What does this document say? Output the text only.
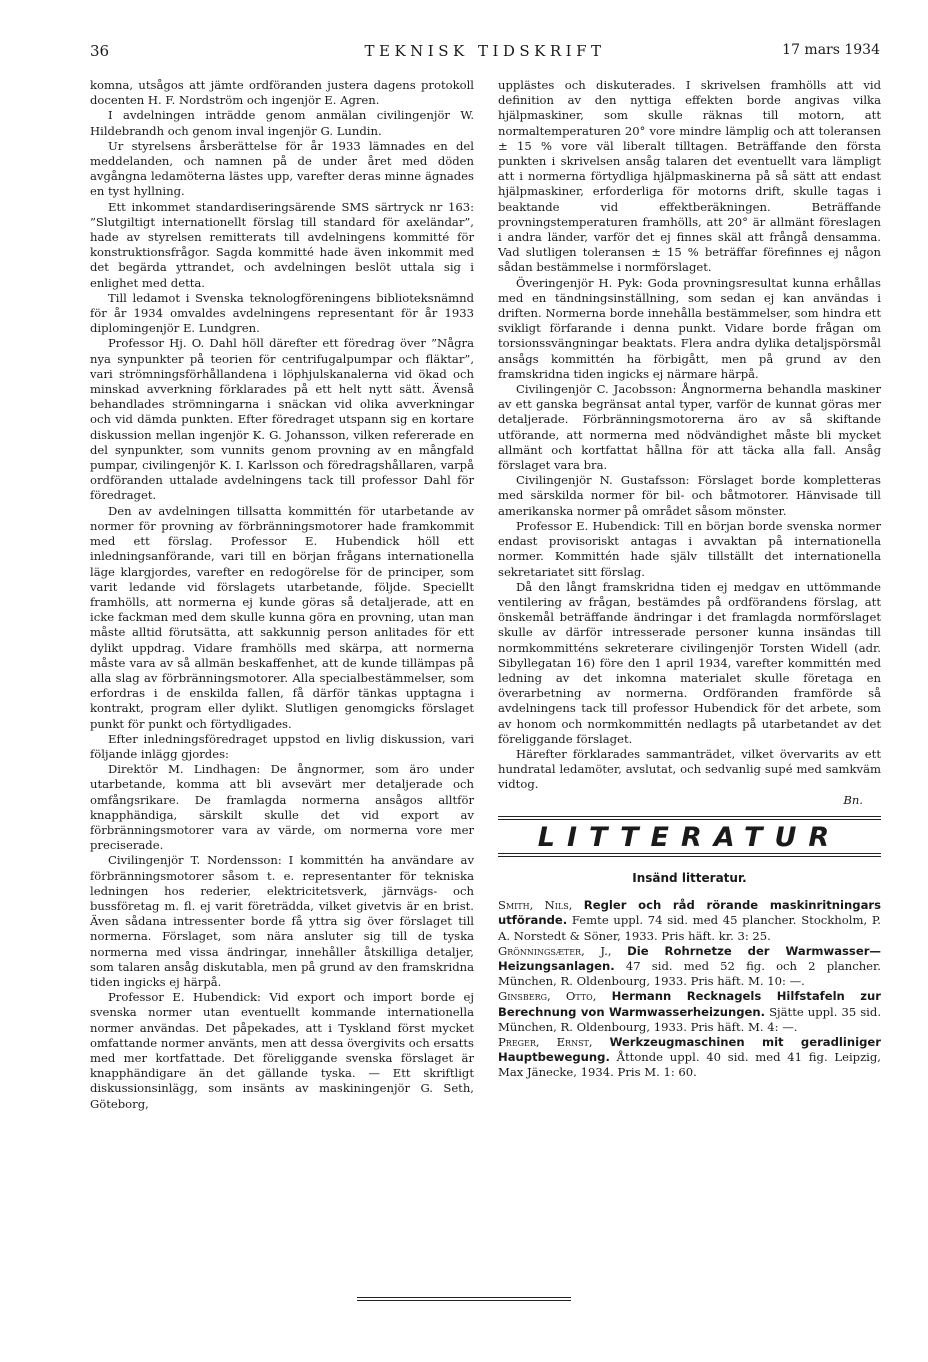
36	TEKNISK TIDSKRIFT	17 mars 1934

komna, utsågos att jämte ordföranden justera dagens protokoll docenten H. F. Nordström och ingenjör E. Agren.

I avdelningen inträdde genom anmälan civilingenjör W. Hildebrandh och genom inval ingenjör G. Lundin.

Ur styrelsens årsberättelse för år 1933 lämnades en del meddelanden, och namnen på de under året med döden avgångna ledamöterna lästes upp, varefter deras minne ägnades en tyst hyllning.

Ett inkommet standardiseringsärende SMS särtryck nr 163: ”Slutgiltigt internationellt förslag till standard för axeländar”, hade av styrelsen remitterats till avdelningens kommitté för konstruktionsfrågor. Sagda kommitté hade även inkommit med det begärda yttrandet, och avdelningen beslöt uttala sig i enlighet med detta.

Till ledamot i Svenska teknologföreningens biblioteksnämnd för år 1934 omvaldes avdelningens representant för år 1933 diplomingenjör E. Lundgren.

Professor Hj. O. Dahl höll därefter ett föredrag över ”Några nya synpunkter på teorien för centrifugalpumpar och fläktar”, vari strömningsförhållandena i löphjulskanalerna vid ökad och minskad avverkning förklarades på ett helt nytt sätt. Ävenså behandlades strömningarna i snäckan vid olika avverkningar och vid dämda punkten. Efter föredraget utspann sig en kortare diskussion mellan ingenjör K. G. Johansson, vilken refererade en del synpunkter, som vunnits genom provning av en mångfald pumpar, civilingenjör K. I. Karlsson och föredragshållaren, varpå ordföranden uttalade avdelningens tack till professor Dahl för föredraget.

Den av avdelningen tillsatta kommittén för utarbetande av normer för provning av förbränningsmotorer hade framkommit med ett förslag. Professor E. Hubendick höll ett inledningsanförande, vari till en början frågans internationella läge klargjordes, varefter en redogörelse för de principer, som varit ledande vid förslagets utarbetande, följde. Speciellt framhölls, att normerna ej kunde göras så detaljerade, att en icke fackman med dem skulle kunna göra en provning, utan man måste alltid förutsätta, att sakkunnig person anlitades för ett dylikt uppdrag. Vidare framhölls med skärpa, att normerna måste vara av så allmän beskaffenhet, att de kunde tillämpas på alla slag av förbränningsmotorer. Alla specialbestämmelser, som erfordras i de enskilda fallen, få därför tänkas upptagna i kontrakt, program eller dylikt. Slutligen genomgicks förslaget punkt för punkt och förtydligades.

Efter inledningsföredraget uppstod en livlig diskussion, vari följande inlägg gjordes:

Direktör M. Lindhagen: De ångnormer, som äro under utarbetande, komma att bli avsevärt mer detaljerade och omfångsrikare. De framlagda normerna ansågos alltför knapphändiga, särskilt skulle det vid export av förbränningsmotorer vara av värde, om normerna vore mer preciserade.

Civilingenjör T. Nordensson: I kommittén ha användare av förbränningsmotorer såsom t. e. representanter för tekniska ledningen hos rederier, elektricitetsverk, järnvägs- och bussföretag m. fl. ej varit företrädda, vilket givetvis är en brist. Även sådana intressenter borde få yttra sig över förslaget till normerna. Förslaget, som nära ansluter sig till de tyska normerna med vissa ändringar, innehåller åtskilliga detaljer, som talaren ansåg diskutabla, men på grund av den framskridna tiden ingicks ej härpå.

Professor E. Hubendick: Vid export och import borde ej svenska normer utan eventuellt kommande internationella normer användas. Det påpekades, att i Tyskland först mycket omfattande normer använts, men att dessa övergivits och ersatts med mer kortfattade. Det föreliggande svenska förslaget är knapphändigare än det gällande tyska. — Ett skriftligt diskussionsinlägg, som insänts av maskiningenjör G. Seth, Göteborg,

upplästes och diskuterades. I skrivelsen framhölls att vid definition av den nyttiga effekten borde angivas vilka hjälpmaskiner, som skulle räknas till motorn, att normaltemperaturen 20° vore mindre lämplig och att toleransen ± 15 % vore väl liberalt tilltagen. Beträffande den första punkten i skrivelsen ansåg talaren det eventuellt vara lämpligt att i normerna förtydliga hjälpmaskinerna på så sätt att endast hjälpmaskiner, erforderliga för motorns drift, skulle tagas i beaktande vid effektberäkningen. Beträffande provningstemperaturen framhölls, att 20° är allmänt föreslagen i andra länder, varför det ej finnes skäl att frångå densamma. Vad slutligen toleransen ± 15 % beträffar förefinnes ej någon sådan bestämmelse i normförslaget.

Överingenjör H. Pyk: Goda provningsresultat kunna erhållas med en tändningsinställning, som sedan ej kan användas i driften. Normerna borde innehålla bestämmelser, som hindra ett svikligt förfarande i denna punkt. Vidare borde frågan om torsionssvängningar beaktats. Flera andra dylika detaljspörsmål ansågs kommittén ha förbigått, men på grund av den framskridna tiden ingicks ej närmare härpå.

Civilingenjör C. Jacobsson: Ångnormerna behandla maskiner av ett ganska begränsat antal typer, varför de kunnat göras mer detaljerade. Förbränningsmotorerna äro av så skiftande utförande, att normerna med nödvändighet måste bli mycket allmänt och kortfattat hållna för att täcka alla fall. Ansåg förslaget vara bra.

Civilingenjör N. Gustafsson: Förslaget borde kompletteras med särskilda normer för bil- och båtmotorer. Hänvisade till amerikanska normer på området såsom mönster.

Professor E. Hubendick: Till en början borde svenska normer endast provisoriskt antagas i avvaktan på internationella normer. Kommittén hade själv tillställt det internationella sekretariatet sitt förslag.

Då den långt framskridna tiden ej medgav en uttömmande ventilering av frågan, bestämdes på ordförandens förslag, att önskemål beträffande ändringar i det framlagda normförslaget skulle av därför intresserade personer kunna insändas till normkommitténs sekreterare civilingenjör Torsten Widell (adr. Sibyllegatan 16) före den 1 april 1934, varefter kommittén med ledning av det inkomna materialet skulle företaga en överarbetning av normerna. Ordföranden framförde så avdelningens tack till professor Hubendick för det arbete, som av honom och normkommittén nedlagts på utarbetandet av det föreliggande förslaget.

Härefter förklarades sammanträdet, vilket övervarits av ett hundratal ledamöter, avslutat, och sedvanlig supé med samkväm vidtog.

Bn.

LITTERATUR
Insänd litteratur.

Smith, Nils, Regler och råd rörande maskinritningars utförande. Femte uppl. 74 sid. med 45 plancher. Stockholm, P. A. Norstedt & Söner, 1933. Pris häft. kr. 3: 25.

Grönningsæter, J., Die Rohrnetze der Warmwasser—Heizungsanlagen. 47 sid. med 52 fig. och 2 plancher. München, R. Oldenbourg, 1933. Pris häft. M. 10: —.

Ginsberg, Otto, Hermann Recknagels Hilfstafeln zur Berechnung von Warmwasserheizungen. Sjätte uppl. 35 sid. München, R. Oldenbourg, 1933. Pris häft. M. 4: —.

Preger, Ernst, Werkzeugmaschinen mit geradliniger Hauptbewegung. Åttonde uppl. 40 sid. med 41 fig. Leipzig, Max Jänecke, 1934. Pris M. 1: 60.
